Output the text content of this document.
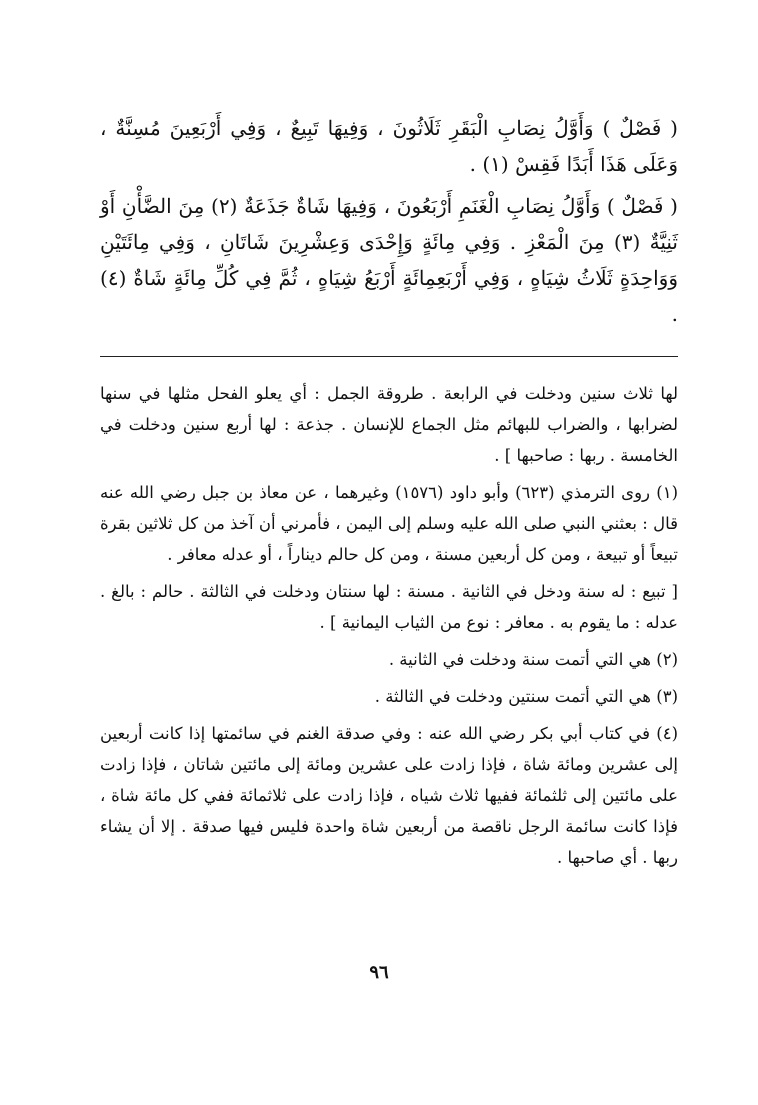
( فَصْلٌ ) وَأَوَّلُ نِصَابِ الْبَقَرِ ثَلَاثُونَ ، وَفِيهَا تَبِيعٌ ، وَفِي أَرْبَعِينَ مُسِنَّةٌ ، وَعَلَى هَذَا أَبَدًا فَقِسْ (١) .

( فَصْلٌ ) وَأَوَّلُ نِصَابِ الْغَنَمِ أَرْبَعُونَ ، وَفِيهَا شَاةٌ جَذَعَةٌ (٢) مِنَ الضَّأْنِ أَوْ ثَنِيَّةٌ (٣) مِنَ الْمَعْزِ . وَفِي مِائَةٍ وَإِحْدَى وَعِشْرِينَ شَاتَانِ ، وَفِي مِائَتَيْنِ وَوَاحِدَةٍ ثَلَاثُ شِيَاهٍ ، وَفِي أَرْبَعِمِائَةٍ أَرْبَعُ شِيَاهٍ ، ثُمَّ فِي كُلِّ مِائَةٍ شَاةٌ (٤) .

لها ثلاث سنين ودخلت في الرابعة . طروقة الجمل : أي يعلو الفحل مثلها في سنها لضرابها ، والضراب للبهائم مثل الجماع للإنسان . جذعة : لها أربع سنين ودخلت في الخامسة . ربها : صاحبها ] .

(١) روى الترمذي (٦٢٣) وأبو داود (١٥٧٦) وغيرهما ، عن معاذ بن جبل رضي الله عنه قال : بعثني النبي صلى الله عليه وسلم إلى اليمن ، فأمرني أن آخذ من كل ثلاثين بقرة تبيعاً أو تبيعة ، ومن كل أربعين مسنة ، ومن كل حالم ديناراً ، أو عدله معافر .

[ تبيع : له سنة ودخل في الثانية . مسنة : لها سنتان ودخلت في الثالثة . حالم : بالغ . عدله : ما يقوم به . معافر : نوع من الثياب اليمانية ] .

(٢) هي التي أتمت سنة ودخلت في الثانية .

(٣) هي التي أتمت سنتين ودخلت في الثالثة .

(٤) في كتاب أبي بكر رضي الله عنه : وفي صدقة الغنم في سائمتها إذا كانت أربعين إلى عشرين ومائة شاة ، فإذا زادت على عشرين ومائة إلى مائتين شاتان ، فإذا زادت على مائتين إلى ثلثمائة ففيها ثلاث شياه ، فإذا زادت على ثلاثمائة ففي كل مائة شاة ، فإذا كانت سائمة الرجل ناقصة من أربعين شاة واحدة فليس فيها صدقة . إلا أن يشاء ربها . أي صاحبها .

٩٦
